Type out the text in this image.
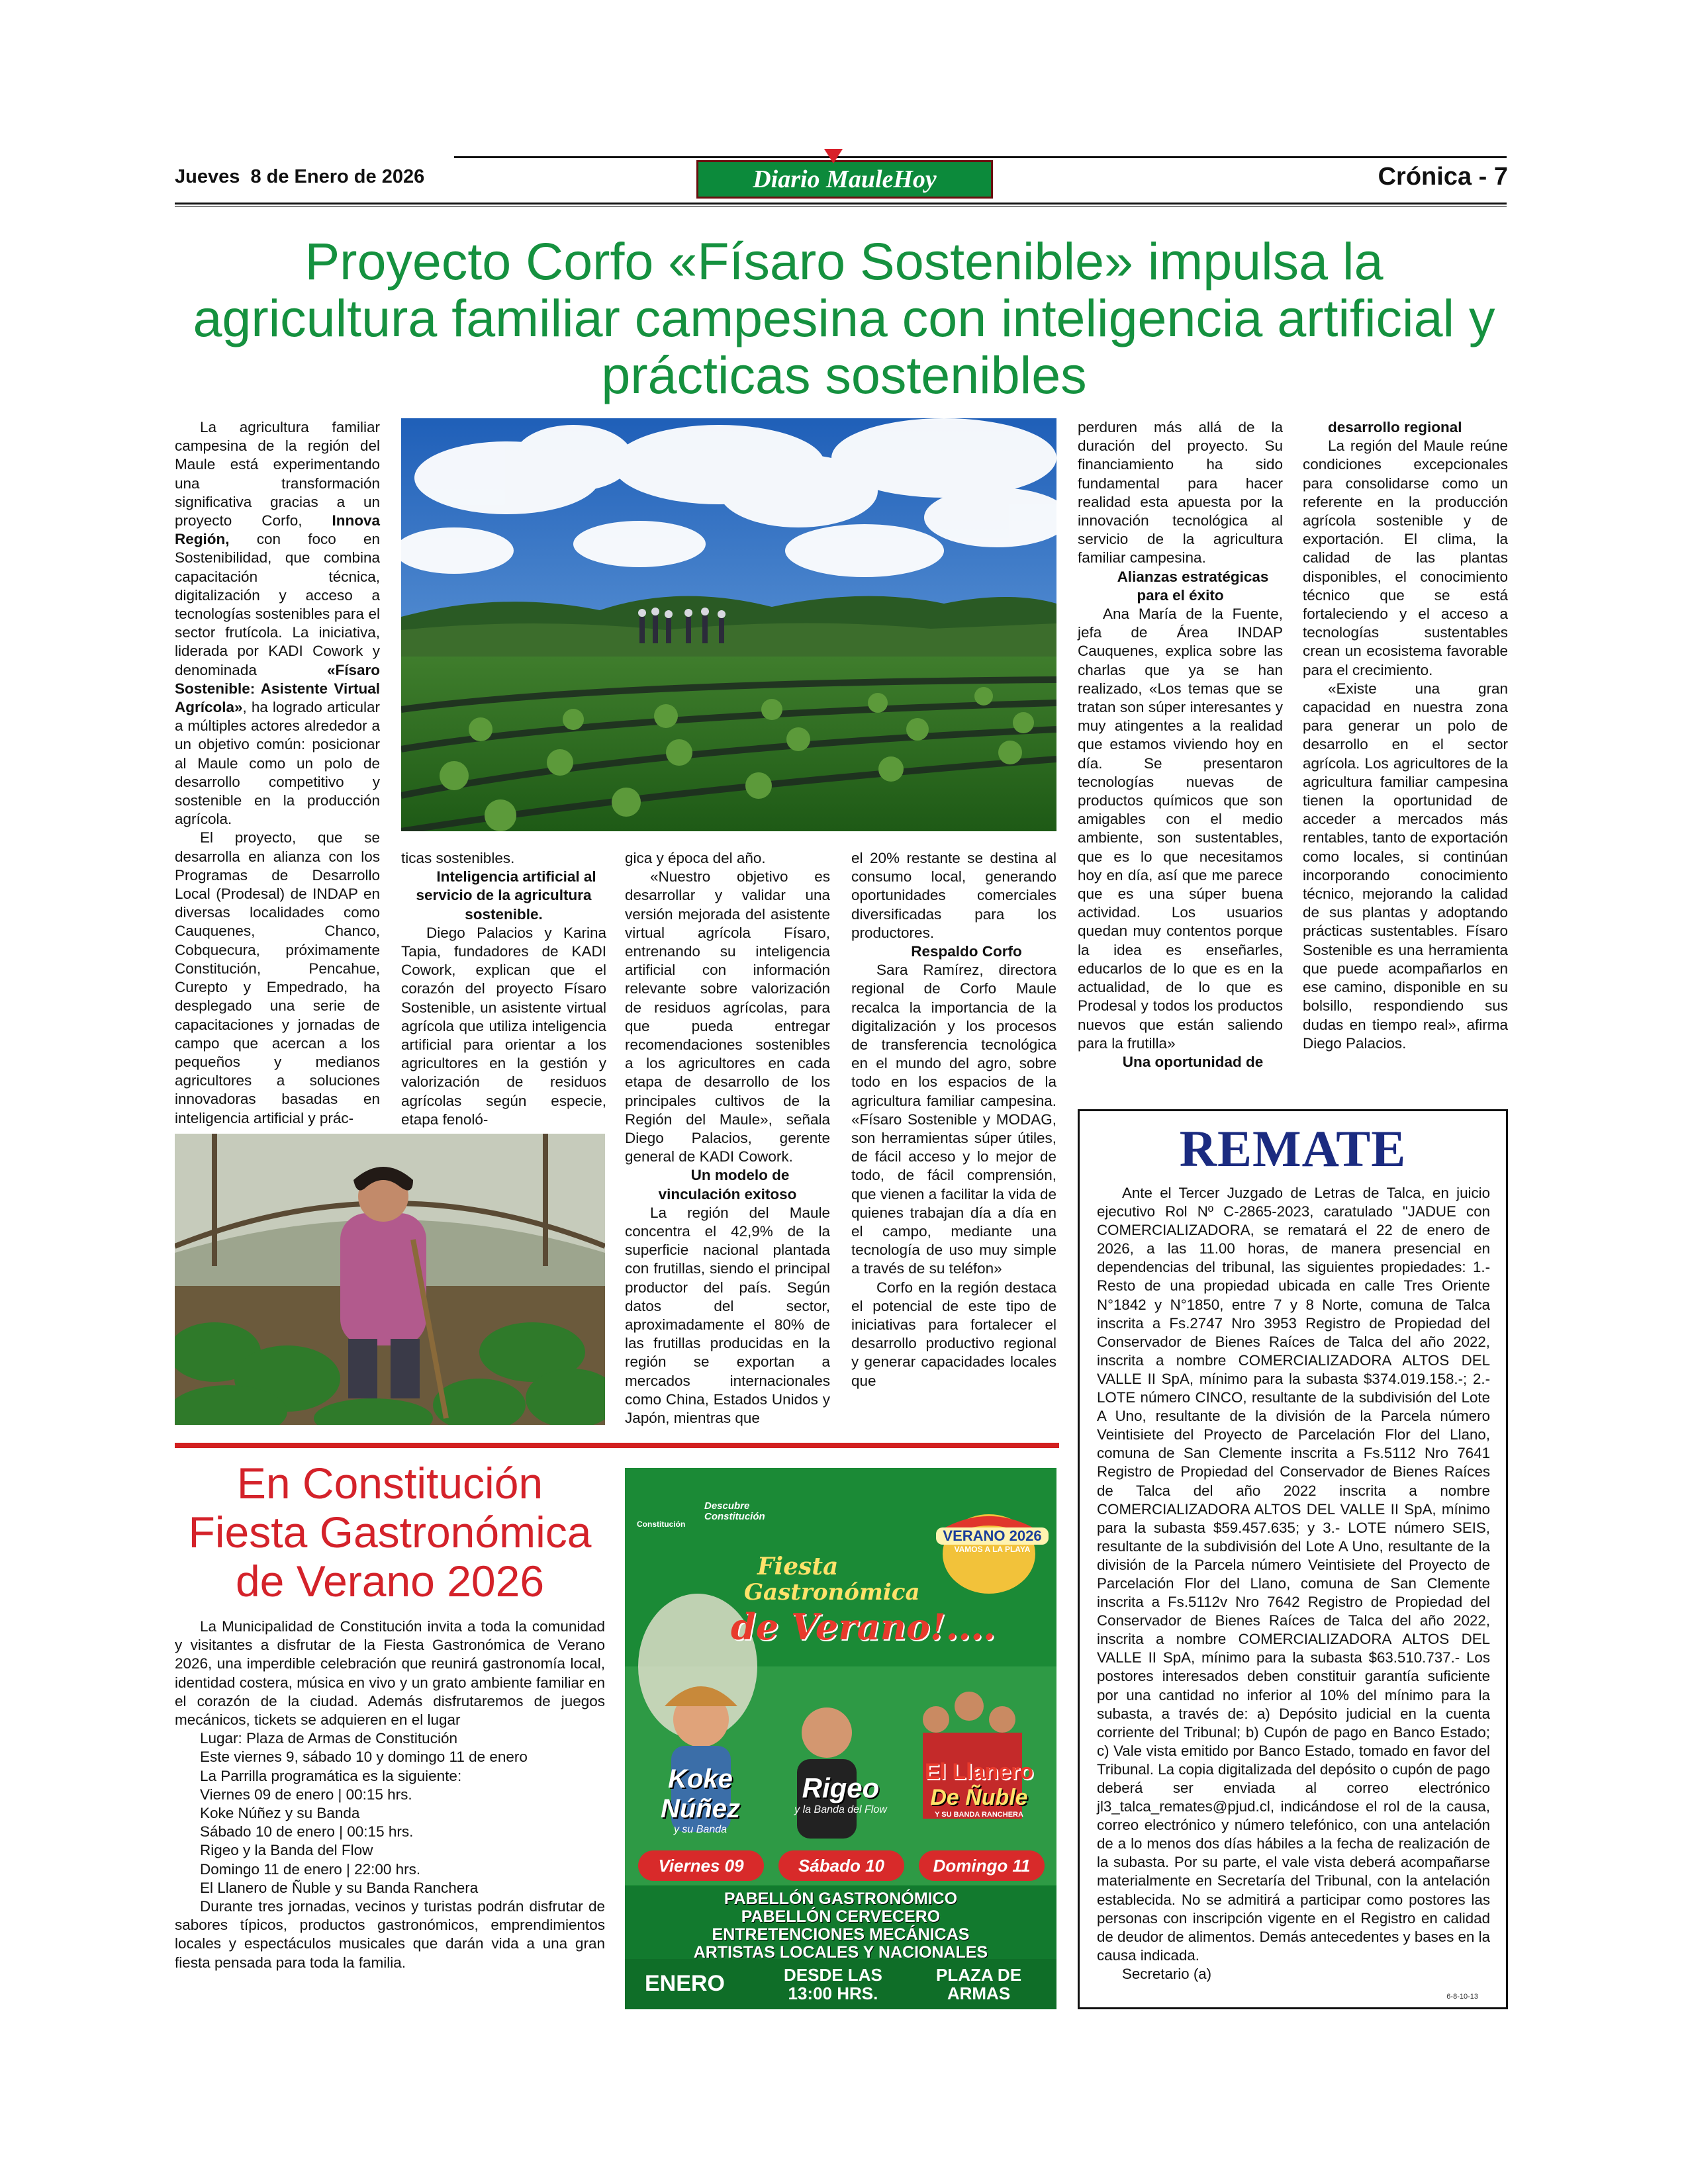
Jueves  8 de Enero de 2026	Diario MauleHoy	Crónica - 7
Proyecto Corfo «Físaro Sostenible» impulsa la agricultura familiar campesina con inteligencia artificial y prácticas sostenibles

La agricultura familiar campesina de la región del Maule está experimentando una transformación significativa gracias a un proyecto Corfo, Innova Región, con foco en Sostenibilidad, que combina capacitación técnica, digitalización y acceso a tecnologías sostenibles para el sector frutícola. La iniciativa, liderada por KADI Cowork y denominada «Físaro Sostenible: Asistente Virtual Agrícola», ha logrado articular a múltiples actores alrededor a un objetivo común: posicionar al Maule como un polo de desarrollo competitivo y sostenible en la producción agrícola.

El proyecto, que se desarrolla en alianza con los Programas de Desarrollo Local (Prodesal) de INDAP en diversas localidades como Cauquenes, Chanco, Cobquecura, próximamente Constitución, Pencahue, Curepto y Empedrado, ha desplegado una serie de capacitaciones y jornadas de campo que acercan a los pequeños y medianos agricultores a soluciones innovadoras basadas en inteligencia artificial y prác-

ticas sostenibles.

Inteligencia artificial al servicio de la agricultura sostenible.

Diego Palacios y Karina Tapia, fundadores de KADI Cowork, explican que el corazón del proyecto Físaro Sostenible, un asistente virtual agrícola que utiliza inteligencia artificial para orientar a los agricultores en la gestión y valorización de residuos agrícolas según especie, etapa fenoló-

gica y época del año.

«Nuestro objetivo es desarrollar y validar una versión mejorada del asistente virtual agrícola Físaro, entrenando su inteligencia artificial con información relevante sobre valorización de residuos agrícolas, para que pueda entregar recomendaciones sostenibles a los agricultores en cada etapa de desarrollo de los principales cultivos de la Región del Maule», señala Diego Palacios, gerente general de KADI Cowork.

Un modelo de vinculación exitoso

La región del Maule concentra el 42,9% de la superficie nacional plantada con frutillas, siendo el principal productor del país. Según datos del sector, aproximadamente el 80% de las frutillas producidas en la región se exportan a mercados internacionales como China, Estados Unidos y Japón, mientras que

el 20% restante se destina al consumo local, generando oportunidades comerciales diversificadas para los productores.

Respaldo Corfo

Sara Ramírez, directora regional de Corfo Maule recalca la importancia de la digitalización y los procesos de transferencia tecnológica en el mundo del agro, sobre todo en los espacios de la agricultura familiar campesina. «Físaro Sostenible y MODAG, son herramientas súper útiles, de fácil acceso y lo mejor de todo, de fácil comprensión, que vienen a facilitar la vida de quienes trabajan día a día en el campo, mediante una tecnología de uso muy simple a través de su teléfon»

Corfo en la región destaca el potencial de este tipo de iniciativas para fortalecer el desarrollo productivo regional y generar capacidades locales que

perduren más allá de la duración del proyecto. Su financiamiento ha sido fundamental para hacer realidad esta apuesta por la innovación tecnológica al servicio de la agricultura familiar campesina.

Alianzas estratégicas para el éxito

Ana María de la Fuente, jefa de Área INDAP Cauquenes, explica sobre las charlas que ya se han realizado, «Los temas que se tratan son súper interesantes y muy atingentes a la realidad que estamos viviendo hoy en día. Se presentaron tecnologías nuevas de productos químicos que son amigables con el medio ambiente, son sustentables, que es lo que necesitamos hoy en día, así que me parece que es una súper buena actividad. Los usuarios quedan muy contentos porque la idea es enseñarles, educarlos de lo que es en la actualidad, de lo que es Prodesal y todos los productos nuevos que están saliendo para la frutilla»

Una oportunidad de

desarrollo regional

La región del Maule reúne condiciones excepcionales para consolidarse como un referente en la producción agrícola sostenible y de exportación. El clima, la calidad de las plantas disponibles, el conocimiento técnico que se está fortaleciendo y el acceso a tecnologías sustentables crean un ecosistema favorable para el crecimiento.

«Existe una gran capacidad en nuestra zona para generar un polo de desarrollo en el sector agrícola. Los agricultores de la agricultura familiar campesina tienen la oportunidad de acceder a mercados más rentables, tanto de exportación como locales, si continúan incorporando conocimiento técnico, mejorando la calidad de sus plantas y adoptando prácticas sustentables. Físaro Sostenible es una herramienta que puede acompañarlos en ese camino, disponible en su bolsillo, respondiendo sus dudas en tiempo real», afirma Diego Palacios.

En Constitución Fiesta Gastronómica de Verano 2026

La Municipalidad de Constitución invita a toda la comunidad y visitantes a disfrutar de la Fiesta Gastronómica de Verano 2026, una imperdible celebración que reunirá gastronomía local, identidad costera, música en vivo y un grato ambiente familiar en el corazón de la ciudad. Además disfrutaremos de juegos mecánicos, tickets se adquieren en el lugar

Lugar: Plaza de Armas de Constitución

Este viernes 9, sábado 10 y domingo 11 de enero

La Parrilla programática es la siguiente:

Viernes 09 de enero | 00:15 hrs.

Koke Núñez y su Banda

Sábado 10 de enero | 00:15 hrs.

Rigeo y la Banda del Flow

Domingo 11 de enero | 22:00 hrs.

El Llanero de Ñuble y su Banda Ranchera

Durante tres jornadas, vecinos y turistas podrán disfrutar de sabores típicos, productos gastronómicos, emprendimientos locales y espectáculos musicales que darán vida a una gran fiesta pensada para toda la familia.

Constitución
Descubre Constitución
VERANO 2026
VAMOS A LA PLAYA
Fiesta
Gastronómica
de Verano!....
Koke Núñez
y su Banda
Rigeo
y la Banda del Flow
El Llanero
De Ñuble
Y SU BANDA RANCHERA
Viernes 09	Sábado 10	Domingo 11
PABELLÓN GASTRONÓMICO
PABELLÓN CERVECERO
ENTRETENCIONES MECÁNICAS
ARTISTAS LOCALES Y NACIONALES
ENERO	DESDE LAS
13:00 HRS.
PLAZA DE
ARMAS
REMATE

Ante el Tercer Juzgado de Letras de Talca, en juicio ejecutivo Rol Nº C-2865-2023, caratulado "JADUE con COMERCIALIZADORA, se rematará el 22 de enero de 2026, a las 11.00 horas, de manera presencial en dependencias del tribunal, las siguientes propiedades: 1.- Resto de una propiedad ubicada en calle Tres Oriente N°1842 y N°1850, entre 7 y 8 Norte, comuna de Talca inscrita a Fs.2747 Nro 3953 Registro de Propiedad del Conservador de Bienes Raíces de Talca del año 2022, inscrita a nombre COMERCIALIZADORA ALTOS DEL VALLE II SpA, mínimo para la subasta $374.019.158.-; 2.- LOTE número CINCO, resultante de la subdivisión del Lote A Uno, resultante de la división de la Parcela número Veintisiete del Proyecto de Parcelación Flor del Llano, comuna de San Clemente inscrita a Fs.5112 Nro 7641 Registro de Propiedad del Conservador de Bienes Raíces de Talca del año 2022 inscrita a nombre COMERCIALIZADORA ALTOS DEL VALLE II SpA, mínimo para la subasta $59.457.635; y 3.- LOTE número SEIS, resultante de la subdivisión del Lote A Uno, resultante de la división de la Parcela número Veintisiete del Proyecto de Parcelación Flor del Llano, comuna de San Clemente inscrita a Fs.5112v Nro 7642 Registro de Propiedad del Conservador de Bienes Raíces de Talca del año 2022, inscrita a nombre COMERCIALIZADORA ALTOS DEL VALLE II SpA, mínimo para la subasta $63.510.737.- Los postores interesados deben constituir garantía suficiente por una cantidad no inferior al 10% del mínimo para la subasta, a través de: a) Depósito judicial en la cuenta corriente del Tribunal; b) Cupón de pago en Banco Estado; c) Vale vista emitido por Banco Estado, tomado en favor del Tribunal. La copia digitalizada del depósito o cupón de pago deberá ser enviada al correo electrónico jl3_talca_remates@pjud.cl, indicándose el rol de la causa, correo electrónico y número telefónico, con una antelación de a lo menos dos días hábiles a la fecha de realización de la subasta. Por su parte, el vale vista deberá acompañarse materialmente en Secretaría del Tribunal, con la antelación establecida. No se admitirá a participar como postores las personas con inscripción vigente en el Registro en calidad de deudor de alimentos. Demás antecedentes y bases en la causa indicada.

Secretario (a)

6-8-10-13
